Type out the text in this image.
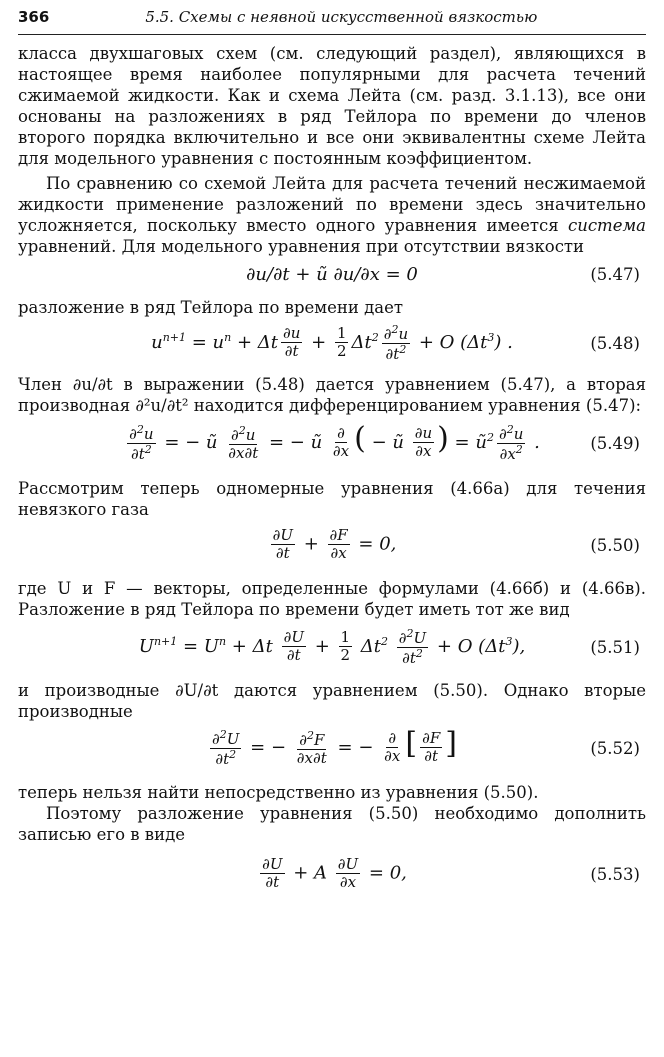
366	5.5. Схемы с неявной искусственной вязкостью

класса двухшаговых схем (см. следующий раздел), являющихся в настоящее время наиболее популярными для расчета течений сжимаемой жидкости. Как и схема Лейта (см. разд. 3.1.13), все они основаны на разложениях в ряд Тейлора по времени до членов второго порядка включительно и все они эквивалентны схеме Лейта для модельного уравнения с постоянным коэффициентом.

По сравнению со схемой Лейта для расчета течений несжимаемой жидкости применение разложений по времени здесь значительно усложняется, поскольку вместо одного уравнения имеется система уравнений. Для модельного уравнения при отсутствии вязкости

∂u/∂t + ũ ∂u/∂x = 0	(5.47)

разложение в ряд Тейлора по времени дает

$u^{n+1} = u^n + \Delta t \frac{\partial u}{\partial t} + \frac{1}{2} \Delta t^2 \frac{\partial^2u}{\partial t^2} + O$ $(\Delta t^3)$ .	(5.48)

Член ∂u/∂t в выражении (5.48) дается уравнением (5.47), а вторая производная ∂²u/∂t² находится дифференцированием уравнения (5.47):

$\frac{\partial^2u}{\partial t^2}$ = − ũ $\frac{\partial^2u}{\partial x\partial t}$ = − ũ ∂
∂x ( − ũ $\frac{\partial u}{\partial x}$ ) = $ũ^2 \frac{\partial^2u}{\partial x^2}$ .	(5.49)

Рассмотрим теперь одномерные уравнения (4.66а) для течения невязкого газа

$\frac{\partial U}{\partial t} + \frac{\partial F}{\partial x} = 0$,	(5.50)

где U и F — векторы, определенные формулами (4.66б) и (4.66в). Разложение в ряд Тейлора по времени будет иметь тот же вид

$U^{n+1} = U^n + \Delta t \frac{\partial U}{\partial t} + \frac{1}{2} \Delta t^2 \frac{\partial^2U}{\partial t^2} + O$ $(\Delta t^3)$,	(5.51)

и производные ∂U/∂t даются уравнением (5.50). Однако вторые производные

$\frac{\partial^2U}{\partial t^2}$ = − $\frac{\partial^2F}{\partial x\partial t}$ = − ∂
∂x [ $\frac{\partial F}{\partial t}$ ]	(5.52)

теперь нельзя найти непосредственно из уравнения (5.50).

Поэтому разложение уравнения (5.50) необходимо дополнить записью его в виде

$\frac{\partial U}{\partial t} + A \frac{\partial U}{\partial x} = 0$,	(5.53)
